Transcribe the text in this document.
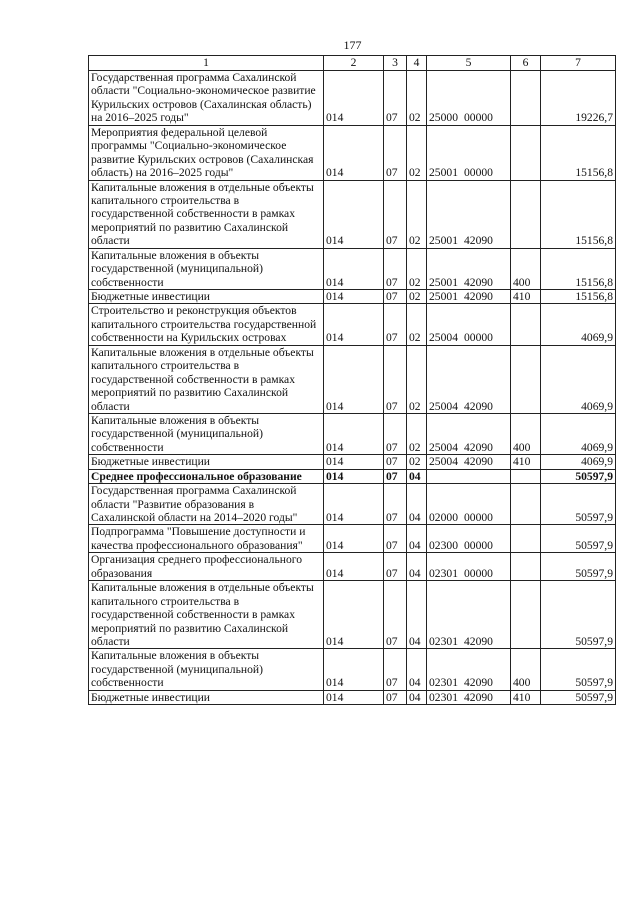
177
1	2	3	4	5	6	7
Государственная программа Сахалинской области "Социально-экономическое развитие Курильских островов (Сахалинская область) на 2016–2025 годы"	014	07	02	25000 00000		19226,7
Мероприятия федеральной целевой программы "Социально-экономическое развитие Курильских островов (Сахалинская область) на 2016–2025 годы"	014	07	02	25001 00000		15156,8
Капитальные вложения в отдельные объекты капитального строительства в государственной собственности в рамках мероприятий по развитию Сахалинской области	014	07	02	25001 42090		15156,8
Капитальные вложения в объекты государственной (муниципальной) собственности	014	07	02	25001 42090	400	15156,8
Бюджетные инвестиции	014	07	02	25001 42090	410	15156,8
Строительство и реконструкция объектов капитального строительства государственной собственности на Курильских островах	014	07	02	25004 00000		4069,9
Капитальные вложения в отдельные объекты капитального строительства в государственной собственности в рамках мероприятий по развитию Сахалинской области	014	07	02	25004 42090		4069,9
Капитальные вложения в объекты государственной (муниципальной) собственности	014	07	02	25004 42090	400	4069,9
Бюджетные инвестиции	014	07	02	25004 42090	410	4069,9
Среднее профессиональное образование	014	07	04			50597,9
Государственная программа Сахалинской области "Развитие образования в Сахалинской области на 2014–2020 годы"	014	07	04	02000 00000		50597,9
Подпрограмма "Повышение доступности и качества профессионального образования"	014	07	04	02300 00000		50597,9
Организация среднего профессионального образования	014	07	04	02301 00000		50597,9
Капитальные вложения в отдельные объекты капитального строительства в государственной собственности в рамках мероприятий по развитию Сахалинской области	014	07	04	02301 42090		50597,9
Капитальные вложения в объекты государственной (муниципальной) собственности	014	07	04	02301 42090	400	50597,9
Бюджетные инвестиции	014	07	04	02301 42090	410	50597,9
